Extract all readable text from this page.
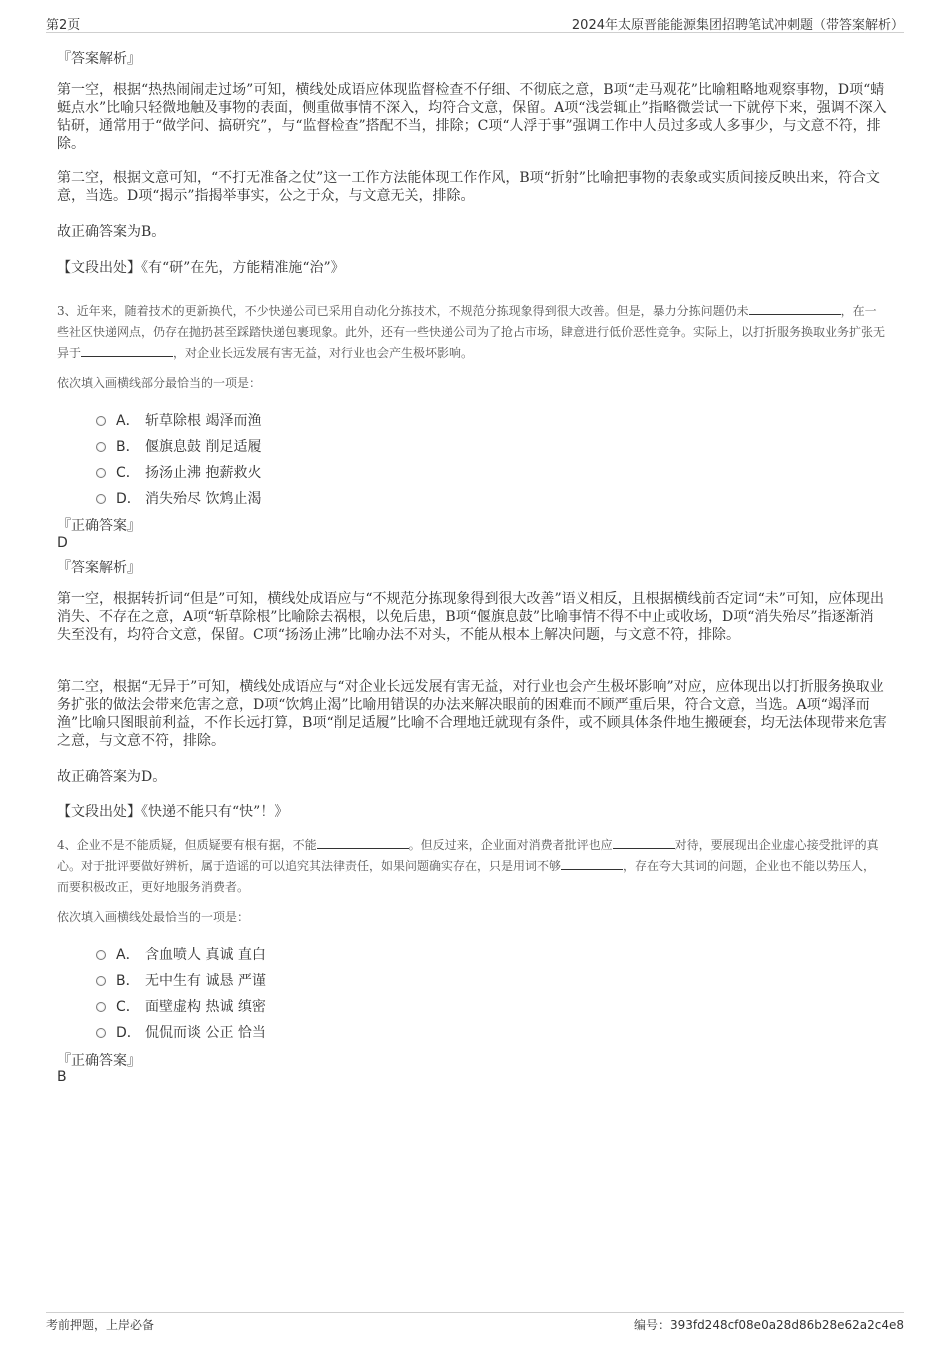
第2页	2024年太原晋能能源集团招聘笔试冲刺题（带答案解析）
『答案解析』

第一空，根据“热热闹闹走过场”可知，横线处成语应体现监督检查不仔细、不彻底之意，B项“走马观花”比喻粗略地观察事物，D项“蜻蜓点水”比喻只轻微地触及事物的表面，侧重做事情不深入，均符合文意，保留。A项“浅尝辄止”指略微尝试一下就停下来，强调不深入钻研，通常用于“做学问、搞研究”，与“监督检查”搭配不当，排除；C项“人浮于事”强调工作中人员过多或人多事少，与文意不符，排除。

第二空，根据文意可知，“不打无准备之仗”这一工作方法能体现工作作风，B项“折射”比喻把事物的表象或实质间接反映出来，符合文意，当选。D项“揭示”指揭举事实，公之于众，与文意无关，排除。

故正确答案为B。
【文段出处】《有“研”在先，方能精准施“治”》

3、近年来，随着技术的更新换代，不少快递公司已采用自动化分拣技术，不规范分拣现象得到很大改善。但是，暴力分拣问题仍未	，在一些社区快递网点，仍存在抛扔甚至踩踏快递包裹现象。此外，还有一些快递公司为了抢占市场，肆意进行低价恶性竞争。实际上，以打折服务换取业务扩张无异于	，对企业长远发展有害无益，对行业也会产生极坏影响。

依次填入画横线部分最恰当的一项是：
A． 斩草除根 竭泽而渔
B． 偃旗息鼓 削足适履
C． 扬汤止沸 抱薪救火
D． 消失殆尽 饮鸩止渴
『正确答案』
D
『答案解析』

第一空，根据转折词“但是”可知，横线处成语应与“不规范分拣现象得到很大改善”语义相反，且根据横线前否定词“未”可知，应体现出消失、不存在之意，A项“斩草除根”比喻除去祸根，以免后患，B项“偃旗息鼓”比喻事情不得不中止或收场，D项“消失殆尽”指逐渐消失至没有，均符合文意，保留。C项“扬汤止沸”比喻办法不对头，不能从根本上解决问题，与文意不符，排除。

第二空，根据“无异于”可知，横线处成语应与“对企业长远发展有害无益，对行业也会产生极坏影响”对应，应体现出以打折服务换取业务扩张的做法会带来危害之意，D项“饮鸩止渴”比喻用错误的办法来解决眼前的困难而不顾严重后果，符合文意，当选。A项“竭泽而渔”比喻只图眼前利益，不作长远打算，B项“削足适履”比喻不合理地迁就现有条件，或不顾具体条件地生搬硬套，均无法体现带来危害之意，与文意不符，排除。

故正确答案为D。
【文段出处】《快递不能只有“快”！》

4、企业不是不能质疑，但质疑要有根有据，不能	。但反过来，企业面对消费者批评也应	对待，要展现出企业虚心接受批评的真心。对于批评要做好辨析，属于造谣的可以追究其法律责任，如果问题确实存在，只是用词不够	，存在夸大其词的问题，企业也不能以势压人，而要积极改正，更好地服务消费者。

依次填入画横线处最恰当的一项是：
A． 含血喷人 真诚 直白
B． 无中生有 诚恳 严谨
C． 面壁虚构 热诚 缜密
D． 侃侃而谈 公正 恰当
『正确答案』
B
考前押题，上岸必备	编号：393fd248cf08e0a28d86b28e62a2c4e8
